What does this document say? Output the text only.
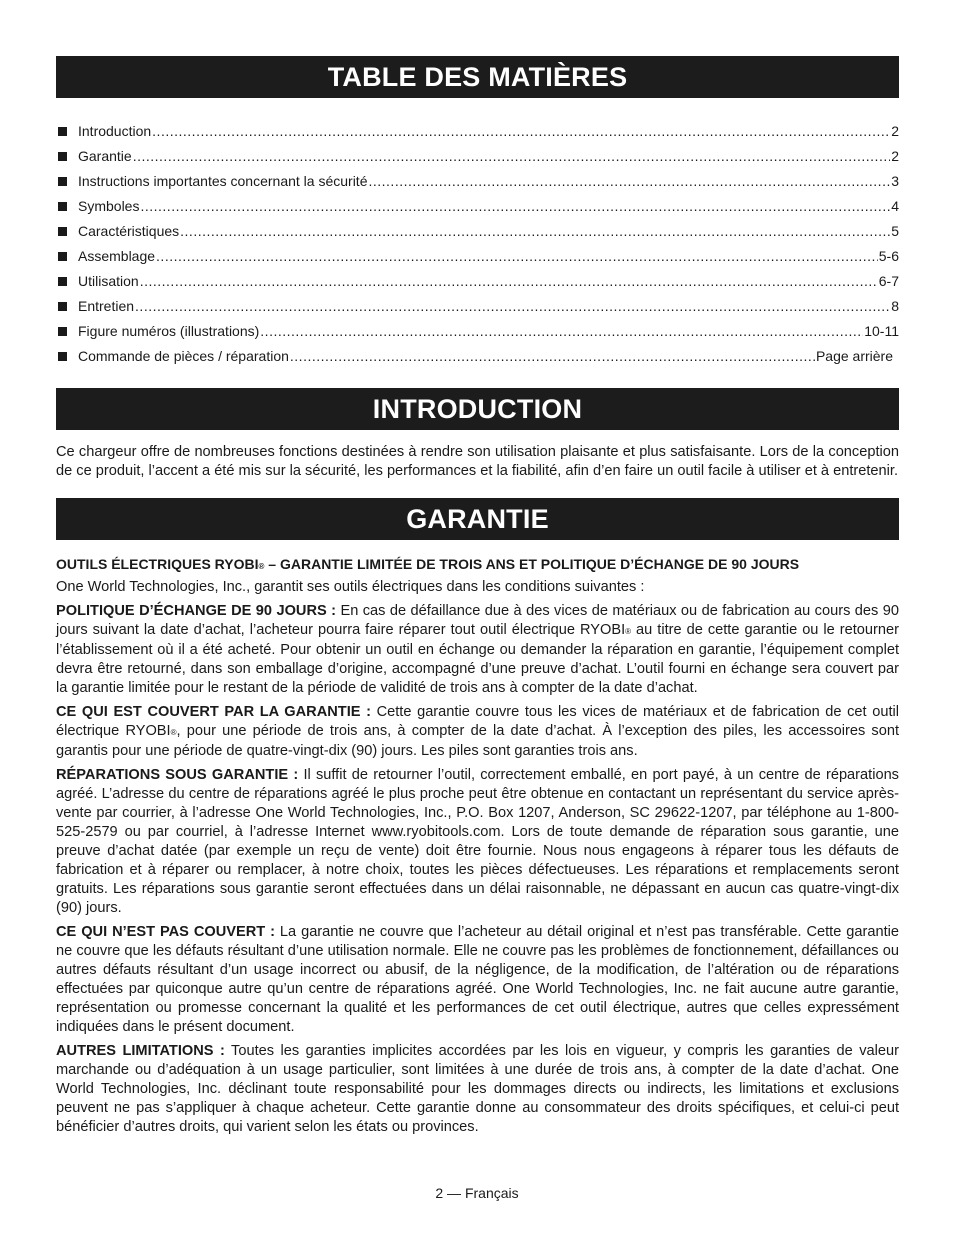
TABLE DES MATIÈRES
Introduction .....	2
Garantie .....	2
Instructions importantes concernant la sécurité .....	3
Symboles .....	4
Caractéristiques .....	5
Assemblage .....	5-6
Utilisation .....	6-7
Entretien .....	8
Figure numéros (illustrations) .....	10-11
Commande de pièces / réparation .....	Page arrière
INTRODUCTION

Ce chargeur offre de nombreuses fonctions destinées à rendre son utilisation plaisante et plus satisfaisante. Lors de la conception de ce produit, l’accent a été mis sur la sécurité, les performances et la fiabilité, afin d’en faire un outil facile à utiliser et à entretenir.

GARANTIE
OUTILS ÉLECTRIQUES RYOBI® – GARANTIE LIMITÉE DE TROIS ANS ET POLITIQUE D’ÉCHANGE DE 90 JOURS

One World Technologies, Inc., garantit ses outils électriques dans les conditions suivantes :

POLITIQUE D’ÉCHANGE DE 90 JOURS : En cas de défaillance due à des vices de matériaux ou de fabrication au cours des 90 jours suivant la date d’achat, l’acheteur pourra faire réparer tout outil électrique RYOBI® au titre de cette garantie ou le retourner l’établissement où il a été acheté. Pour obtenir un outil en échange ou demander la réparation en garantie, l’équipement complet devra être retourné, dans son emballage d’origine, accompagné d’une preuve d’achat. L’outil fourni en échange sera couvert par la garantie limitée pour le restant de la période de validité de trois ans à compter de la date d’achat.

CE QUI EST COUVERT PAR LA GARANTIE : Cette garantie couvre tous les vices de matériaux et de fabrication de cet outil électrique RYOBI®, pour une période de trois ans, à compter de la date d’achat. À l’exception des piles, les accessoires sont garantis pour une période de quatre-vingt-dix (90) jours. Les piles sont garanties trois ans.

RÉPARATIONS SOUS GARANTIE : Il suffit de retourner l’outil, correctement emballé, en port payé, à un centre de réparations agréé. L’adresse du centre de réparations agréé le plus proche peut être obtenue en contactant un représentant du service après-vente par courrier, à l’adresse One World Technologies, Inc., P.O. Box 1207, Anderson, SC 29622-1207, par téléphone au 1-800-525-2579 ou par courriel, à l’adresse Internet www.ryobitools.com. Lors de toute demande de réparation sous garantie, une preuve d’achat datée (par exemple un reçu de vente) doit être fournie. Nous nous engageons à réparer tous les défauts de fabrication et à réparer ou remplacer, à notre choix, toutes les pièces défectueuses. Les réparations et remplacements seront gratuits. Les réparations sous garantie seront effectuées dans un délai raisonnable, ne dépassant en aucun cas quatre-vingt-dix (90) jours.

CE QUI N’EST PAS COUVERT : La garantie ne couvre que l’acheteur au détail original et n’est pas transférable. Cette garantie ne couvre que les défauts résultant d’une utilisation normale. Elle ne couvre pas les problèmes de fonctionnement, défaillances ou autres défauts résultant d’un usage incorrect ou abusif, de la négligence, de la modification, de l’altération ou de réparations effectuées par quiconque autre qu’un centre de réparations agréé. One World Technologies, Inc. ne fait aucune autre garantie, représentation ou promesse concernant la qualité et les performances de cet outil électrique, autres que celles expressément indiquées dans le présent document.

AUTRES LIMITATIONS : Toutes les garanties implicites accordées par les lois en vigueur, y compris les garanties de valeur marchande ou d’adéquation à un usage particulier, sont limitées à une durée de trois ans, à compter de la date d’achat. One World Technologies, Inc. déclinant toute responsabilité pour les dommages directs ou indirects, les limitations et exclusions peuvent ne pas s’appliquer à chaque acheteur. Cette garantie donne au consommateur des droits spécifiques, et celui-ci peut bénéficier d’autres droits, qui varient selon les états ou provinces.

2 — Français
